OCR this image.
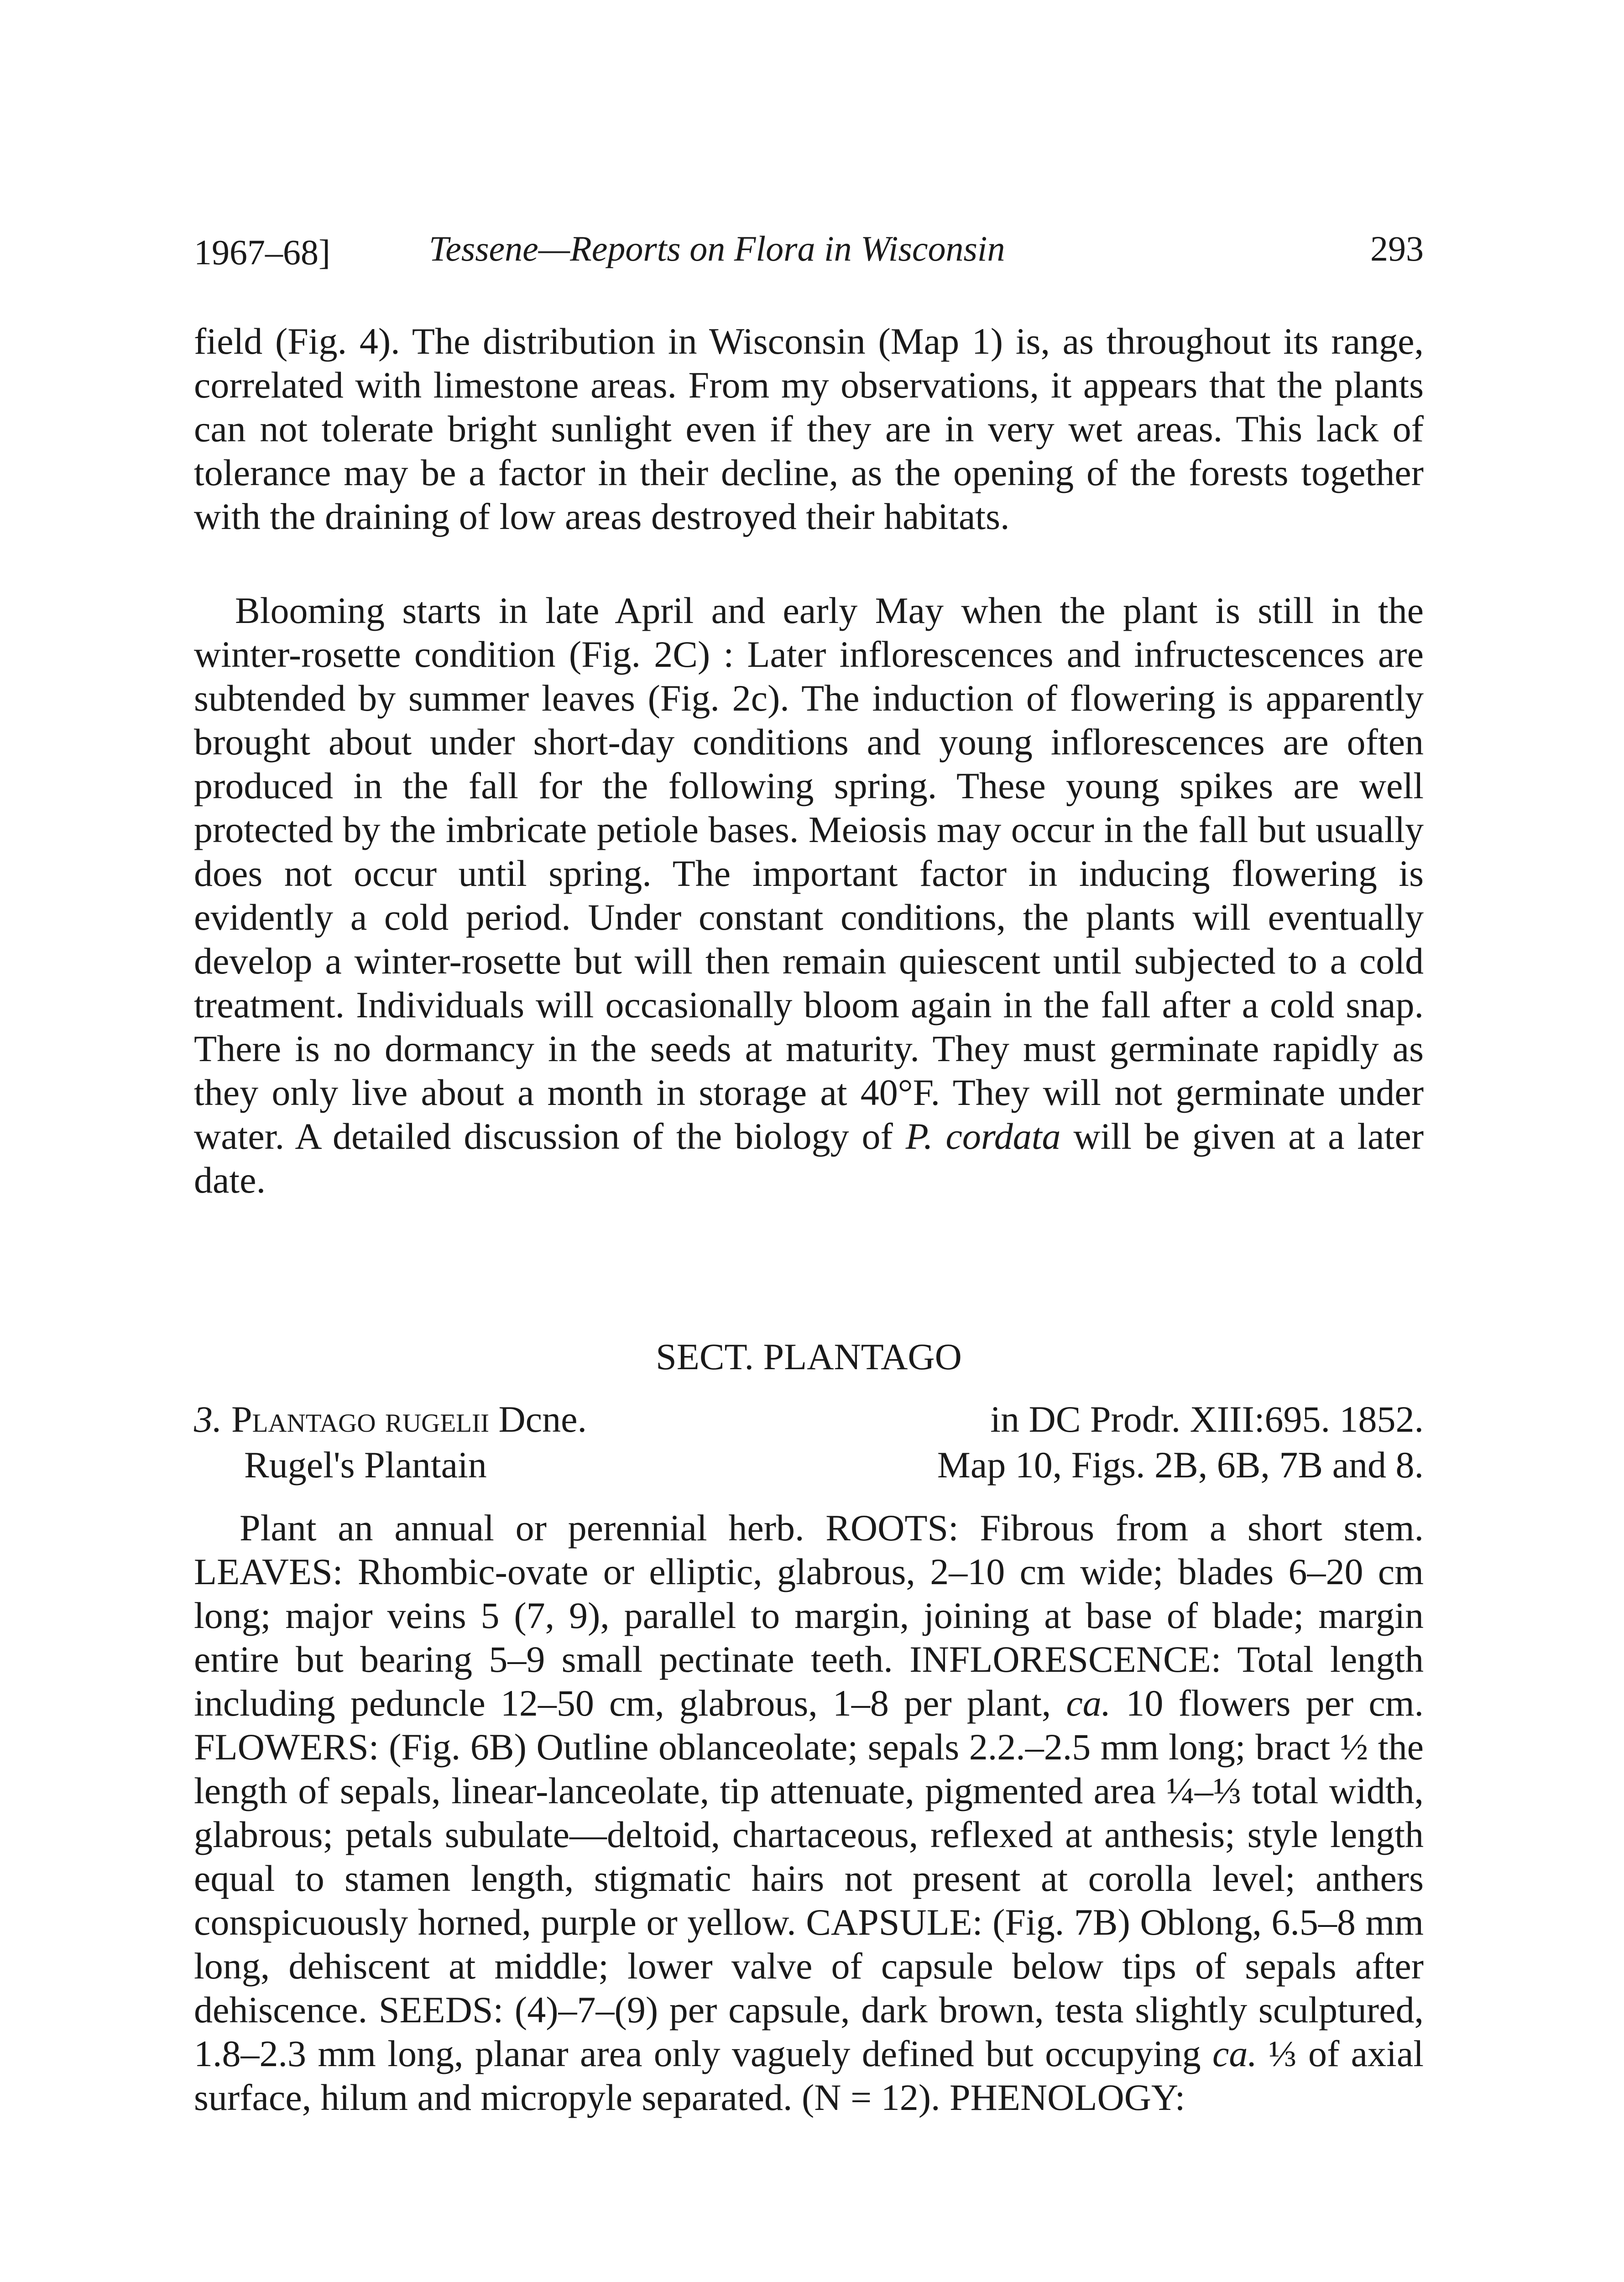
1967–68]	Tessene—Reports on Flora in Wisconsin	293

field (Fig. 4). The distribution in Wisconsin (Map 1) is, as throughout its range, correlated with limestone areas. From my observations, it appears that the plants can not tolerate bright sunlight even if they are in very wet areas. This lack of tolerance may be a factor in their decline, as the opening of the forests together with the draining of low areas destroyed their habitats.

Blooming starts in late April and early May when the plant is still in the winter-rosette condition (Fig. 2C) : Later inflorescences and infructescences are subtended by summer leaves (Fig. 2c). The induction of flowering is apparently brought about under short-day conditions and young inflorescences are often produced in the fall for the following spring. These young spikes are well protected by the imbricate petiole bases. Meiosis may occur in the fall but usually does not occur until spring. The important factor in inducing flowering is evidently a cold period. Under constant conditions, the plants will eventually develop a winter-rosette but will then remain quiescent until subjected to a cold treatment. Individuals will occasionally bloom again in the fall after a cold snap. There is no dormancy in the seeds at maturity. They must germinate rapidly as they only live about a month in storage at 40°F. They will not germinate under water. A detailed discussion of the biology of P. cordata will be given at a later date.

SECT. PLANTAGO
3. Plantago rugelii Dcne.	in DC Prodr. XIII:695. 1852.
Rugel's Plantain	Map 10, Figs. 2B, 6B, 7B and 8.

Plant an annual or perennial herb. ROOTS: Fibrous from a short stem. LEAVES: Rhombic-ovate or elliptic, glabrous, 2–10 cm wide; blades 6–20 cm long; major veins 5 (7, 9), parallel to margin, joining at base of blade; margin entire but bearing 5–9 small pectinate teeth. INFLORESCENCE: Total length including peduncle 12–50 cm, glabrous, 1–8 per plant, ca. 10 flowers per cm. FLOWERS: (Fig. 6B) Outline oblanceolate; sepals 2.2.–2.5 mm long; bract ½ the length of sepals, linear-lanceolate, tip attenuate, pigmented area ¼–⅓ total width, glabrous; petals subulate—deltoid, chartaceous, reflexed at anthesis; style length equal to stamen length, stigmatic hairs not present at corolla level; anthers conspicuously horned, purple or yellow. CAPSULE: (Fig. 7B) Oblong, 6.5–8 mm long, dehiscent at middle; lower valve of capsule below tips of sepals after dehiscence. SEEDS: (4)–7–(9) per capsule, dark brown, testa slightly sculptured, 1.8–2.3 mm long, planar area only vaguely defined but occupying ca. ⅓ of axial surface, hilum and micropyle separated. (N = 12). PHENOLOGY:
